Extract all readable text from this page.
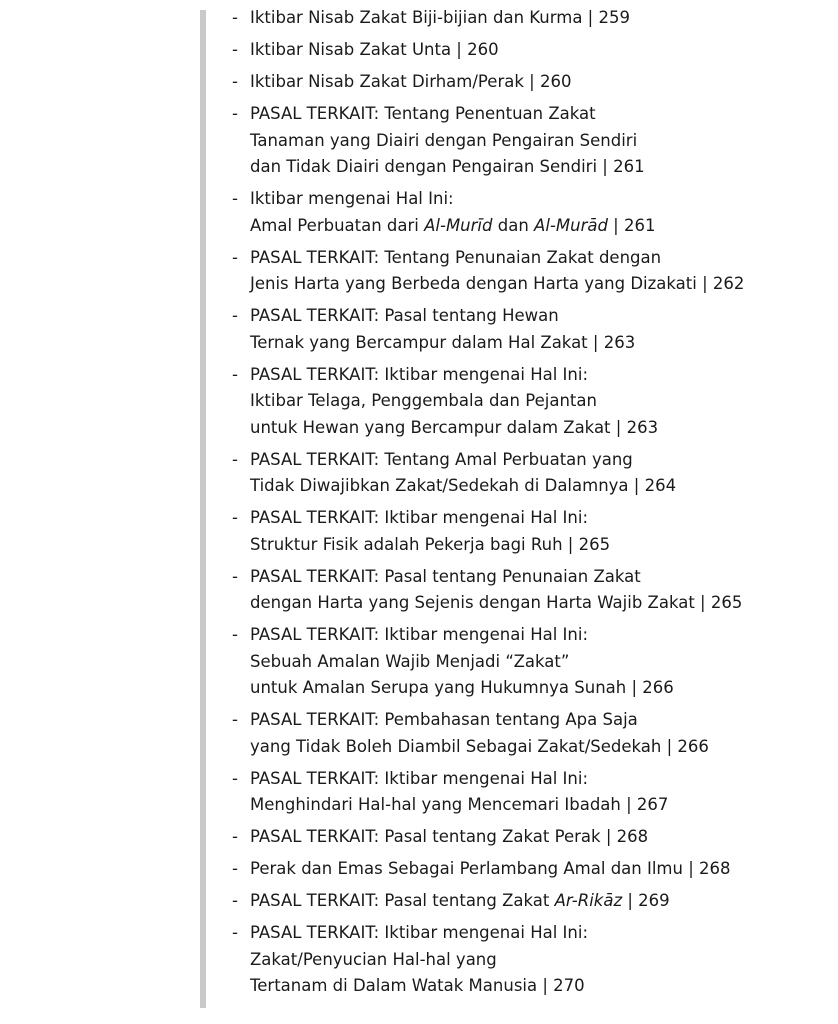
- Iktibar Nisab Zakat Biji-bijian dan Kurma | 259
- Iktibar Nisab Zakat Unta | 260
- Iktibar Nisab Zakat Dirham/Perak | 260
- PASAL TERKAIT: Tentang Penentuan Zakat
Tanaman yang Diairi dengan Pengairan Sendiri
dan Tidak Diairi dengan Pengairan Sendiri | 261
- Iktibar mengenai Hal Ini:
Amal Perbuatan dari Al-Murīd dan Al-Murād | 261
- PASAL TERKAIT: Tentang Penunaian Zakat dengan
Jenis Harta yang Berbeda dengan Harta yang Dizakati | 262
- PASAL TERKAIT: Pasal tentang Hewan
Ternak yang Bercampur dalam Hal Zakat | 263
- PASAL TERKAIT: Iktibar mengenai Hal Ini:
Iktibar Telaga, Penggembala dan Pejantan
untuk Hewan yang Bercampur dalam Zakat | 263
- PASAL TERKAIT: Tentang Amal Perbuatan yang
Tidak Diwajibkan Zakat/Sedekah di Dalamnya | 264
- PASAL TERKAIT: Iktibar mengenai Hal Ini:
Struktur Fisik adalah Pekerja bagi Ruh | 265
- PASAL TERKAIT: Pasal tentang Penunaian Zakat
dengan Harta yang Sejenis dengan Harta Wajib Zakat | 265
- PASAL TERKAIT: Iktibar mengenai Hal Ini:
Sebuah Amalan Wajib Menjadi “Zakat”
untuk Amalan Serupa yang Hukumnya Sunah | 266
- PASAL TERKAIT: Pembahasan tentang Apa Saja
yang Tidak Boleh Diambil Sebagai Zakat/Sedekah | 266
- PASAL TERKAIT: Iktibar mengenai Hal Ini:
Menghindari Hal-hal yang Mencemari Ibadah | 267
- PASAL TERKAIT: Pasal tentang Zakat Perak | 268
- Perak dan Emas Sebagai Perlambang Amal dan Ilmu | 268
- PASAL TERKAIT: Pasal tentang Zakat Ar-Rikāz | 269
- PASAL TERKAIT: Iktibar mengenai Hal Ini:
Zakat/Penyucian Hal-hal yang
Tertanam di Dalam Watak Manusia | 270
